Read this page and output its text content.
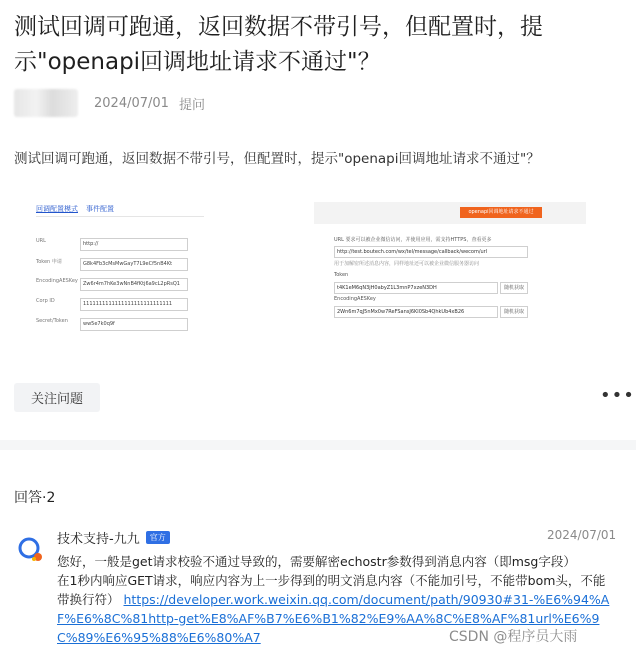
测试回调可跑通，返回数据不带引号，但配置时，提示"openapi回调地址请求不通过"？
2024/07/01 提问
测试回调可跑通，返回数据不带引号，但配置时，提示"openapi回调地址请求不通过"？
回调配置模式 事件配置
URL	http://
Token 申请	G8k4Fb3cMsMwGayT7L9eCf5nB4Kt
EncodingAESKey	Zw6r4m7hKe3wNnB4fKtj6a9cL2pRsQ1
Corp ID	1111111111111111111111111111
Secret/Token	ww5e7k0q9f
openapi回调地址请求不通过
URL 要求可以被企业微信访问，并使用应用，需支持HTTPS，查看更多
http://test.boutech.com/wx/tel/message/callback/wecom/url
用于加解密所述消息内容，同样地址还可以被企业微信服务器访问
Token
t4K1eM6qN3jH0abyZ1L3mnP7xzeN3DH	随机获取
EncodingAESKey
2Wn6m7qJ5nMx0w7ReFSansJ6Kl0Sb4QhkUb4xB26	随机获取
关注问题	•••
回答·2
技术支持-九九	官方	2024/07/01

您好，一般是get请求校验不通过导致的，需要解密echostr参数得到消息内容（即msg字段）

在1秒内响应GET请求，响应内容为上一步得到的明文消息内容（不能加引号，不能带bom头，不能带换行符） https://developer.work.weixin.qq.com/document/path/90930#31-%E6%94%AF%E6%8C%81http-get%E8%AF%B7%E6%B1%82%E9%AA%8C%E8%AF%81url%E6%9C%89%E6%95%88%E6%80%A7	CSDN @程序员大雨
